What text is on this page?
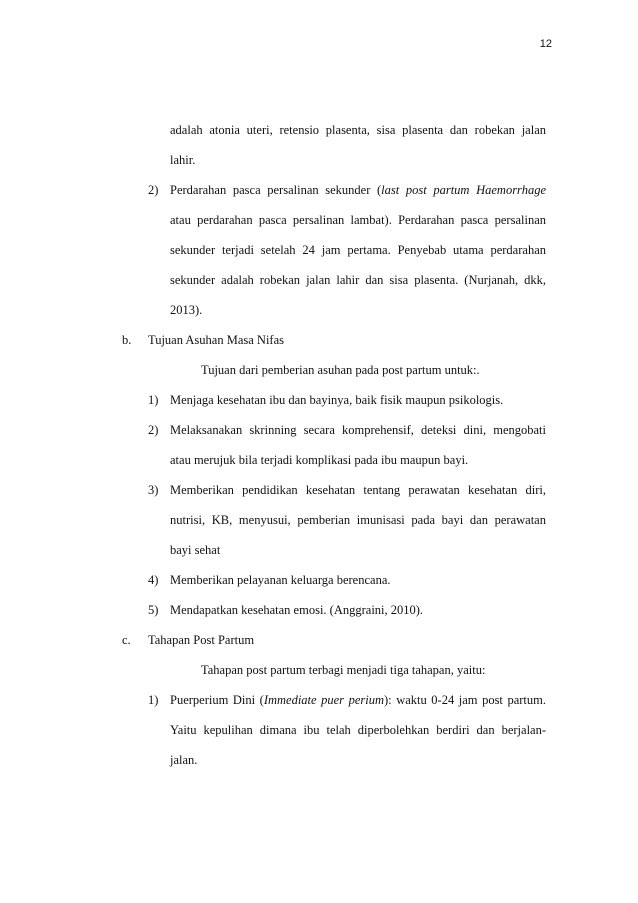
12
adalah atonia uteri, retensio plasenta, sisa plasenta dan robekan jalan
lahir.
2) Perdarahan pasca persalinan sekunder (last post partum Haemorrhage
atau perdarahan pasca persalinan lambat). Perdarahan pasca persalinan
sekunder terjadi setelah 24 jam pertama. Penyebab utama perdarahan
sekunder adalah robekan jalan lahir dan sisa plasenta. (Nurjanah, dkk,
2013).
b. Tujuan Asuhan Masa Nifas
Tujuan dari pemberian asuhan pada post partum untuk:.
1) Menjaga kesehatan ibu dan bayinya, baik fisik maupun psikologis.
2) Melaksanakan skrinning secara komprehensif, deteksi dini, mengobati
atau merujuk bila terjadi komplikasi pada ibu maupun bayi.
3) Memberikan pendidikan kesehatan tentang perawatan kesehatan diri,
nutrisi, KB, menyusui, pemberian imunisasi pada bayi dan perawatan
bayi sehat
4) Memberikan pelayanan keluarga berencana.
5) Mendapatkan kesehatan emosi. (Anggraini, 2010).
c. Tahapan Post Partum
Tahapan post partum terbagi menjadi tiga tahapan, yaitu:
1) Puerperium Dini (Immediate puer perium): waktu 0-24 jam post partum.
Yaitu kepulihan dimana ibu telah diperbolehkan berdiri dan berjalan-
jalan.
